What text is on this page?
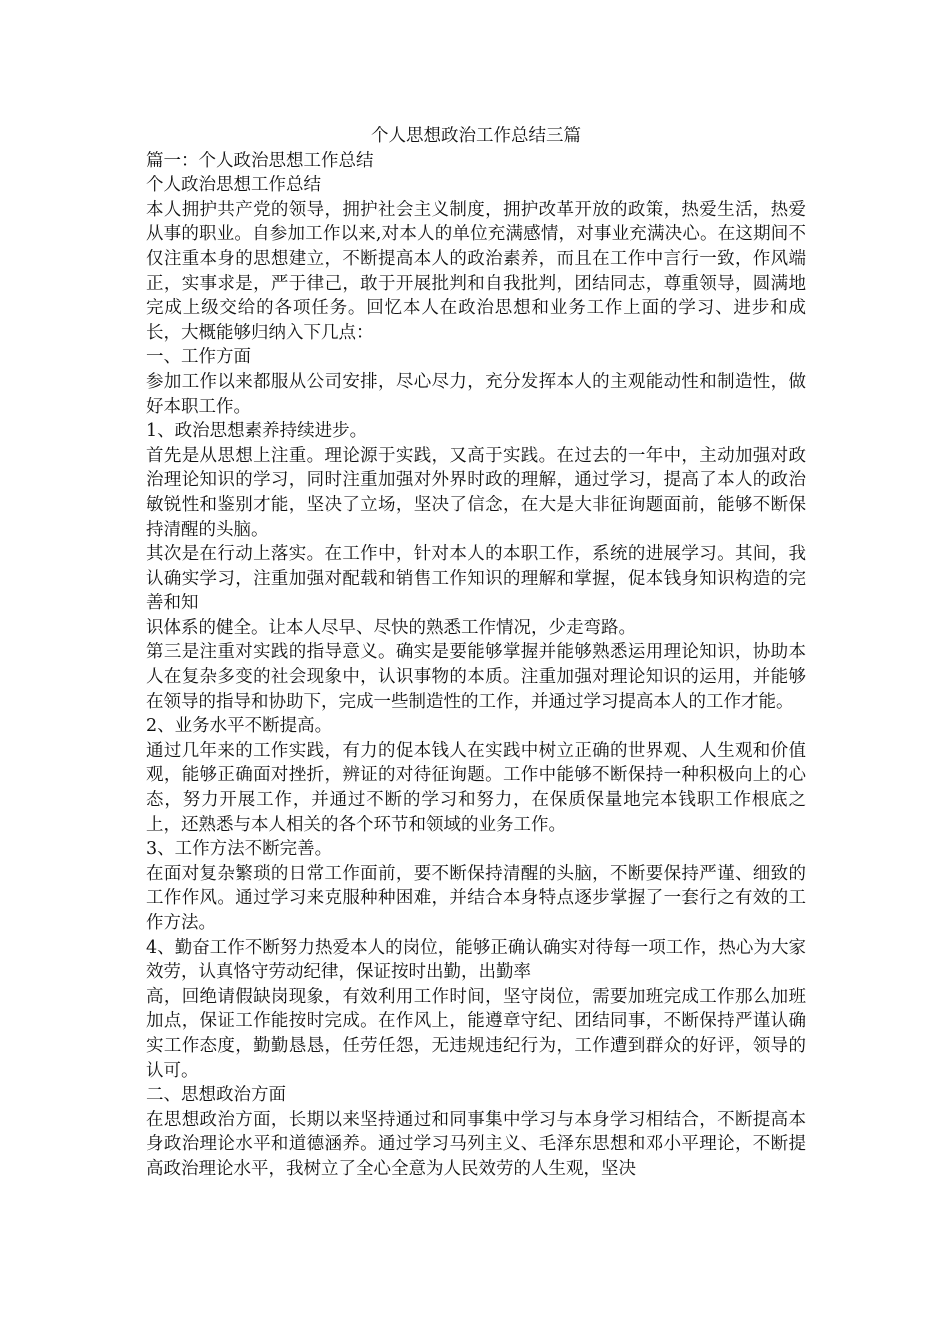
个人思想政治工作总结三篇

篇一：个人政治思想工作总结

个人政治思想工作总结

本人拥护共产党的领导，拥护社会主义制度，拥护改革开放的政策，热爱生活，热爱从事的职业。自参加工作以来,对本人的单位充满感情，对事业充满决心。在这期间不仅注重本身的思想建立，不断提高本人的政治素养，而且在工作中言行一致，作风端正，实事求是，严于律己，敢于开展批判和自我批判，团结同志，尊重领导，圆满地完成上级交给的各项任务。回忆本人在政治思想和业务工作上面的学习、进步和成长，大概能够归纳入下几点：

一、工作方面

参加工作以来都服从公司安排，尽心尽力，充分发挥本人的主观能动性和制造性，做好本职工作。

1、政治思想素养持续进步。

首先是从思想上注重。理论源于实践，又高于实践。在过去的一年中，主动加强对政治理论知识的学习，同时注重加强对外界时政的理解，通过学习，提高了本人的政治敏锐性和鉴别才能，坚决了立场，坚决了信念，在大是大非征询题面前，能够不断保持清醒的头脑。

其次是在行动上落实。在工作中，针对本人的本职工作，系统的进展学习。其间，我认确实学习，注重加强对配载和销售工作知识的理解和掌握，促本钱身知识构造的完善和知

识体系的健全。让本人尽早、尽快的熟悉工作情况，少走弯路。

第三是注重对实践的指导意义。确实是要能够掌握并能够熟悉运用理论知识，协助本人在复杂多变的社会现象中，认识事物的本质。注重加强对理论知识的运用，并能够在领导的指导和协助下，完成一些制造性的工作，并通过学习提高本人的工作才能。

2、业务水平不断提高。

通过几年来的工作实践，有力的促本钱人在实践中树立正确的世界观、人生观和价值观，能够正确面对挫折，辨证的对待征询题。工作中能够不断保持一种积极向上的心态，努力开展工作，并通过不断的学习和努力，在保质保量地完本钱职工作根底之上，还熟悉与本人相关的各个环节和领域的业务工作。

3、工作方法不断完善。

在面对复杂繁琐的日常工作面前，要不断保持清醒的头脑，不断要保持严谨、细致的工作作风。通过学习来克服种种困难，并结合本身特点逐步掌握了一套行之有效的工作方法。

4、勤奋工作不断努力热爱本人的岗位，能够正确认确实对待每一项工作，热心为大家效劳，认真恪守劳动纪律，保证按时出勤，出勤率

高，回绝请假缺岗现象，有效利用工作时间，坚守岗位，需要加班完成工作那么加班加点，保证工作能按时完成。在作风上，能遵章守纪、团结同事，不断保持严谨认确实工作态度，勤勤恳恳，任劳任怨，无违规违纪行为，工作遭到群众的好评，领导的认可。

二、思想政治方面

在思想政治方面，长期以来坚持通过和同事集中学习与本身学习相结合，不断提高本身政治理论水平和道德涵养。通过学习马列主义、毛泽东思想和邓小平理论，不断提高政治理论水平，我树立了全心全意为人民效劳的人生观，坚决
